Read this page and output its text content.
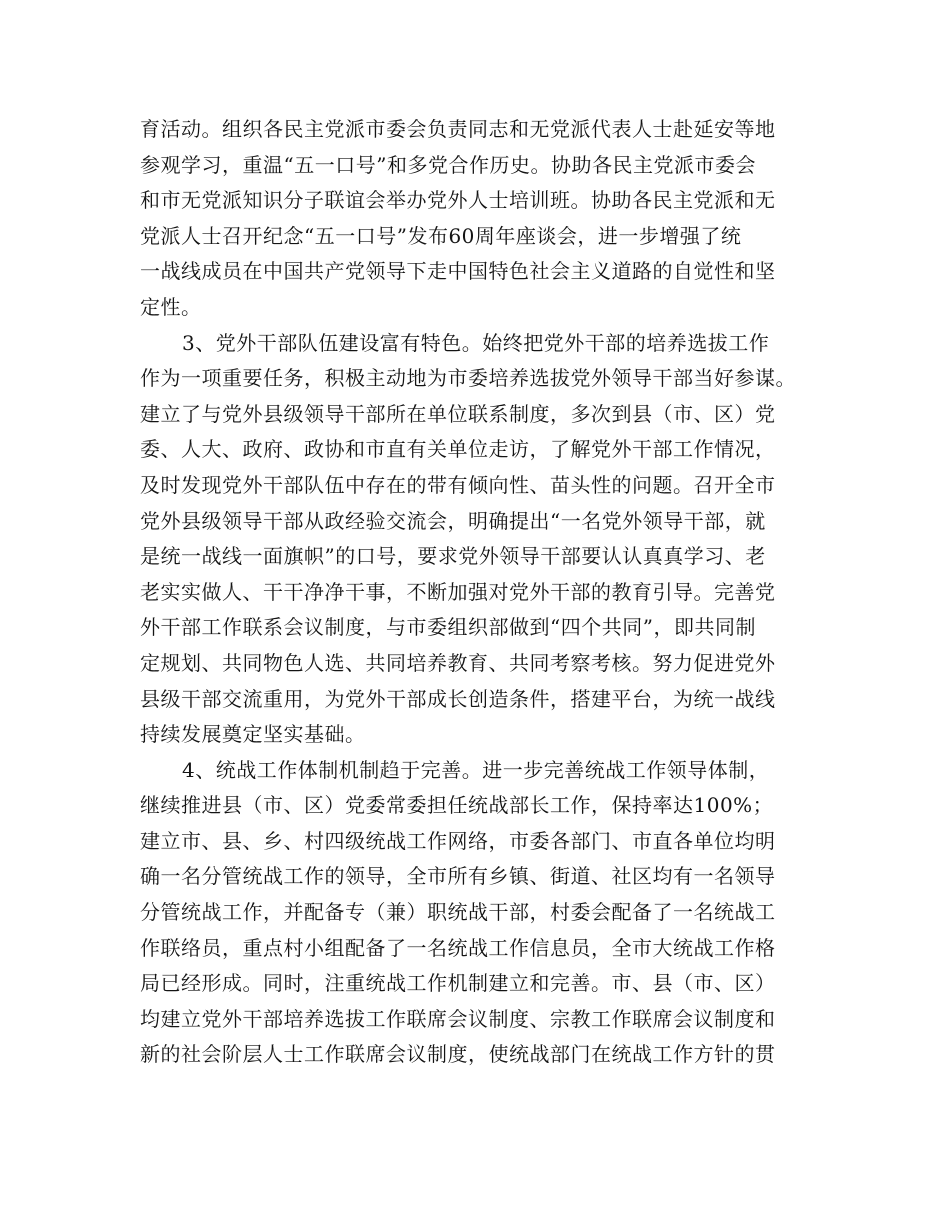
育活动。组织各民主党派市委会负责同志和无党派代表人士赴延安等地
参观学习，重温“五一口号”和多党合作历史。协助各民主党派市委会
和市无党派知识分子联谊会举办党外人士培训班。协助各民主党派和无
党派人士召开纪念“五一口号”发布60周年座谈会，进一步增强了统
一战线成员在中国共产党领导下走中国特色社会主义道路的自觉性和坚
定性。
3、党外干部队伍建设富有特色。始终把党外干部的培养选拔工作
作为一项重要任务，积极主动地为市委培养选拔党外领导干部当好参谋。
建立了与党外县级领导干部所在单位联系制度，多次到县（市、区）党
委、人大、政府、政协和市直有关单位走访，了解党外干部工作情况，
及时发现党外干部队伍中存在的带有倾向性、苗头性的问题。召开全市
党外县级领导干部从政经验交流会，明确提出“一名党外领导干部，就
是统一战线一面旗帜”的口号，要求党外领导干部要认认真真学习、老
老实实做人、干干净净干事，不断加强对党外干部的教育引导。完善党
外干部工作联系会议制度，与市委组织部做到“四个共同”，即共同制
定规划、共同物色人选、共同培养教育、共同考察考核。努力促进党外
县级干部交流重用，为党外干部成长创造条件，搭建平台，为统一战线
持续发展奠定坚实基础。
4、统战工作体制机制趋于完善。进一步完善统战工作领导体制，
继续推进县（市、区）党委常委担任统战部长工作，保持率达100%；
建立市、县、乡、村四级统战工作网络，市委各部门、市直各单位均明
确一名分管统战工作的领导，全市所有乡镇、街道、社区均有一名领导
分管统战工作，并配备专（兼）职统战干部，村委会配备了一名统战工
作联络员，重点村小组配备了一名统战工作信息员，全市大统战工作格
局已经形成。同时，注重统战工作机制建立和完善。市、县（市、区）
均建立党外干部培养选拔工作联席会议制度、宗教工作联席会议制度和
新的社会阶层人士工作联席会议制度，使统战部门在统战工作方针的贯
